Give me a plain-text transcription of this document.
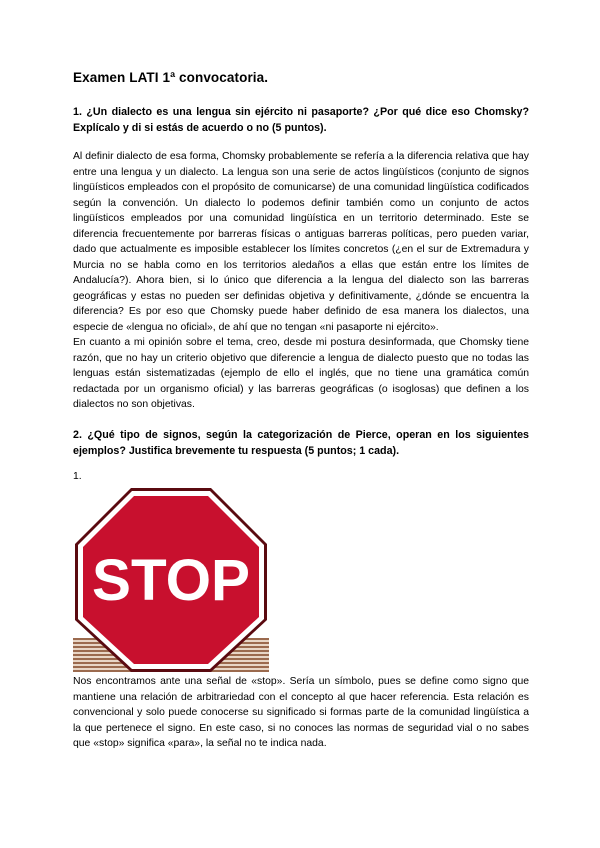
Examen LATI 1ª convocatoria.
1. ¿Un dialecto es una lengua sin ejército ni pasaporte? ¿Por qué dice eso Chomsky? Explícalo y di si estás de acuerdo o no (5 puntos).
Al definir dialecto de esa forma, Chomsky probablemente se refería a la diferencia relativa que hay entre una lengua y un dialecto. La lengua son una serie de actos lingüísticos (conjunto de signos lingüísticos empleados con el propósito de comunicarse) de una comunidad lingüística codificados según la convención. Un dialecto lo podemos definir también como un conjunto de actos lingüísticos empleados por una comunidad lingüística en un territorio determinado. Este se diferencia frecuentemente por barreras físicas o antiguas barreras políticas, pero pueden variar, dado que actualmente es imposible establecer los límites concretos (¿en el sur de Extremadura y Murcia no se habla como en los territorios aledaños a ellas que están entre los límites de Andalucía?). Ahora bien, si lo único que diferencia a la lengua del dialecto son las barreras geográficas y estas no pueden ser definidas objetiva y definitivamente, ¿dónde se encuentra la diferencia? Es por eso que Chomsky puede haber definido de esa manera los dialectos, una especie de «lengua no oficial», de ahí que no tengan «ni pasaporte ni ejército».
En cuanto a mi opinión sobre el tema, creo, desde mi postura desinformada, que Chomsky tiene razón, que no hay un criterio objetivo que diferencie a lengua de dialecto puesto que no todas las lenguas están sistematizadas (ejemplo de ello el inglés, que no tiene una gramática común redactada por un organismo oficial) y las barreras geográficas (o isoglosas) que definen a los dialectos no son objetivas.
2. ¿Qué tipo de signos, según la categorización de Pierce, operan en los siguientes ejemplos? Justifica brevemente tu respuesta (5 puntos; 1 cada).
1.
STOP
Nos encontramos ante una señal de «stop». Sería un símbolo, pues se define como signo que mantiene una relación de arbitrariedad con el concepto al que hacer referencia. Esta relación es convencional y solo puede conocerse su significado si formas parte de la comunidad lingüística a la que pertenece el signo. En este caso, si no conoces las normas de seguridad vial o no sabes que «stop» significa «para», la señal no te indica nada.
